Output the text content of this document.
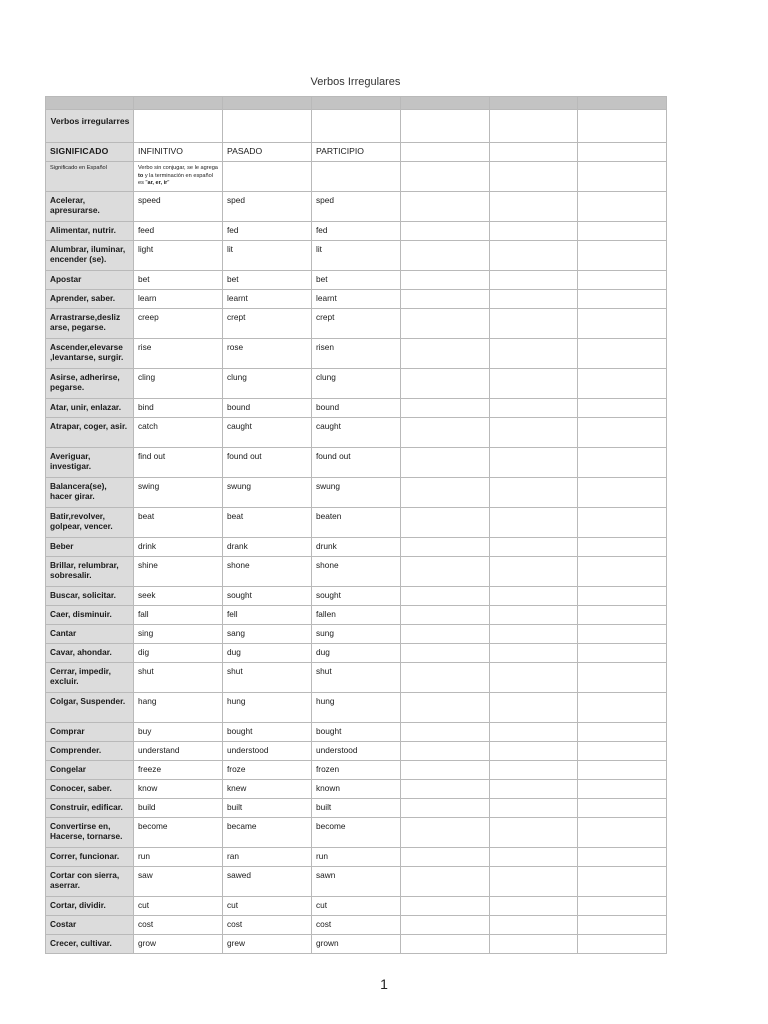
Verbos Irregulares

Verbos irregularres						
SIGNIFICADO	INFINITIVO	PASADO	PARTICIPIO			
Significado en Español	Verbo sin conjugar, se le agrega to y la terminación en español es "ar, er, ir"					
Acelerar, apresurarse.	speed	sped	sped			
Alimentar, nutrir.	feed	fed	fed			
Alumbrar, iluminar, encender (se).	light	lit	lit			
Apostar	bet	bet	bet			
Aprender, saber.	learn	learnt	learnt			
Arrastrarse,desliz arse, pegarse.	creep	crept	crept			
Ascender,elevarse ,levantarse, surgir.	rise	rose	risen			
Asirse, adherirse, pegarse.	cling	clung	clung			
Atar, unir, enlazar.	bind	bound	bound			
Atrapar, coger, asir.	catch	caught	caught			
Averiguar, investigar.	find out	found out	found out			
Balancera(se), hacer girar.	swing	swung	swung			
Batir,revolver, golpear, vencer.	beat	beat	beaten			
Beber	drink	drank	drunk			
Brillar, relumbrar, sobresalir.	shine	shone	shone			
Buscar, solicitar.	seek	sought	sought			
Caer, disminuir.	fall	fell	fallen			
Cantar	sing	sang	sung			
Cavar, ahondar.	dig	dug	dug			
Cerrar, impedir, excluir.	shut	shut	shut			
Colgar, Suspender.	hang	hung	hung			
Comprar	buy	bought	bought			
Comprender.	understand	understood	understood			
Congelar	freeze	froze	frozen			
Conocer, saber.	know	knew	known			
Construir, edificar.	build	built	built			
Convertirse en, Hacerse, tornarse.	become	became	become			
Correr, funcionar.	run	ran	run			
Cortar con sierra, aserrar.	saw	sawed	sawn			
Cortar, dividir.	cut	cut	cut			
Costar	cost	cost	cost			
Crecer, cultivar.	grow	grew	grown			
1
